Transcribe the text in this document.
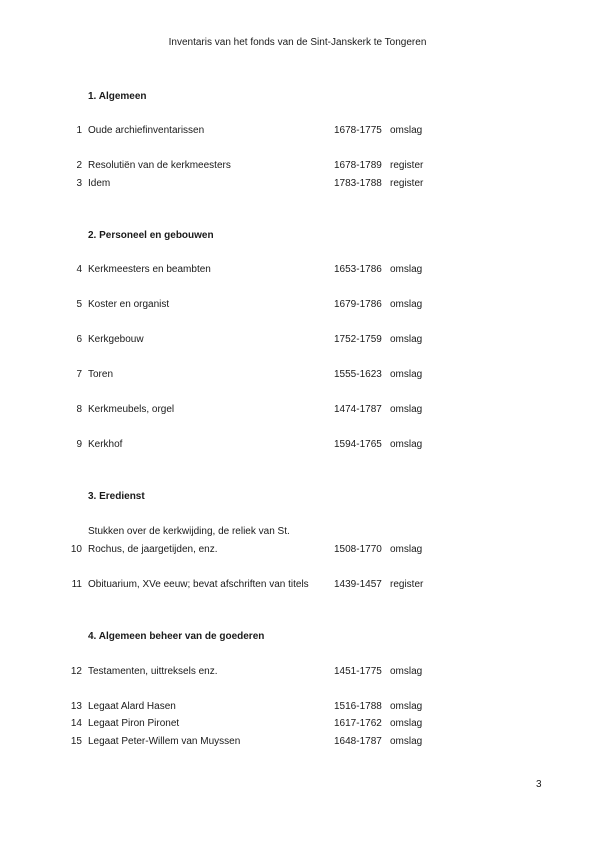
Inventaris van het fonds van de Sint-Janskerk te Tongeren
1. Algemeen
1 Oude archiefinventarissen	1678-1775 omslag
2 Resolutiën van de kerkmeesters	1678-1789 register
3 Idem	1783-1788 register
2. Personeel en gebouwen
4 Kerkmeesters en beambten	1653-1786 omslag
5 Koster en organist	1679-1786 omslag
6 Kerkgebouw	1752-1759 omslag
7 Toren	1555-1623 omslag
8 Kerkmeubels, orgel	1474-1787 omslag
9 Kerkhof	1594-1765 omslag
3. Eredienst
Stukken over de kerkwijding, de reliek van St.
10 Rochus, de jaargetijden, enz.	1508-1770 omslag
11 Obituarium, XVe eeuw; bevat afschriften van titels	1439-1457 register
4. Algemeen beheer van de goederen
12 Testamenten, uittreksels enz.	1451-1775 omslag
13 Legaat Alard Hasen	1516-1788 omslag
14 Legaat Piron Pironet	1617-1762 omslag
15 Legaat Peter-Willem van Muyssen	1648-1787 omslag
3
